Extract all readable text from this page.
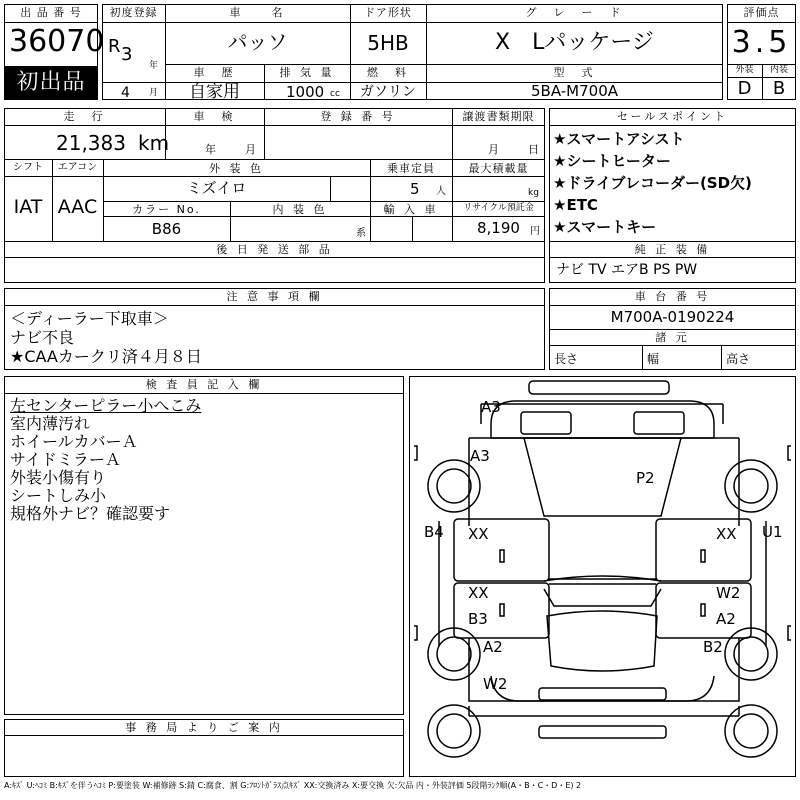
出 品 番 号
36070
初出品
初度登録
R 3
年
4 月
車　　名
パッソ
ドア形状
5HB
グ　レ　ー　ド
X　Lパッケージ
車　歴
自家用
排 気 量
1000 cc
燃　料
ガソリン
型　式
5BA-M700A
評価点
3.5
外装	内装
D	B
走　行
21,383 km
車　検
年	月
登 録 番 号	譲渡書類期限
月	日
シフト
IAT
エアコン
AAC
外 装 色
ミズイロ
乗車定員
5 人
最大積載量
kg
カラー No.
B86
内 装 色
系
輸 入 車	リサイクル預託金
8,190 円
後 日 発 送 部 品
セールスポイント
★スマートアシスト
★シートヒーター
★ドライブレコーダー(SD欠)
★ETC
★スマートキー
純 正 装 備
ナビ TV エアB PS PW
注 意 事 項 欄
＜ディーラー下取車＞
ナビ不良
★CAAカークリ済４月８日
車 台 番 号
M700A-0190224
諸 元
長さ	幅	高さ
検 査 員 記 入 欄
左センターピラー小へこみ
室内薄汚れ
ホイールカバーＡ
サイドミラーＡ
外装小傷有り
シートしみ小
規格外ナビ？確認要す
事 務 局 よ り ご 案 内
A3
A3
P2
B4	U1
XX	XX
XX	W2
B3	A2
A2	B2
W2
A:ｷｽﾞ U:ﾍｺﾐ B:ｷｽﾞを伴うﾍｺﾐ P:要塗装 W:補修跡 S:錆 C:腐食、割 G:ﾌﾛﾝﾄｶﾞﾗｽ点ｷｽﾞ XX:交換済み X:要交換 欠:欠品 内・外装評価 5段階ﾗﾝｸ順(A・B・C・D・E) 2
